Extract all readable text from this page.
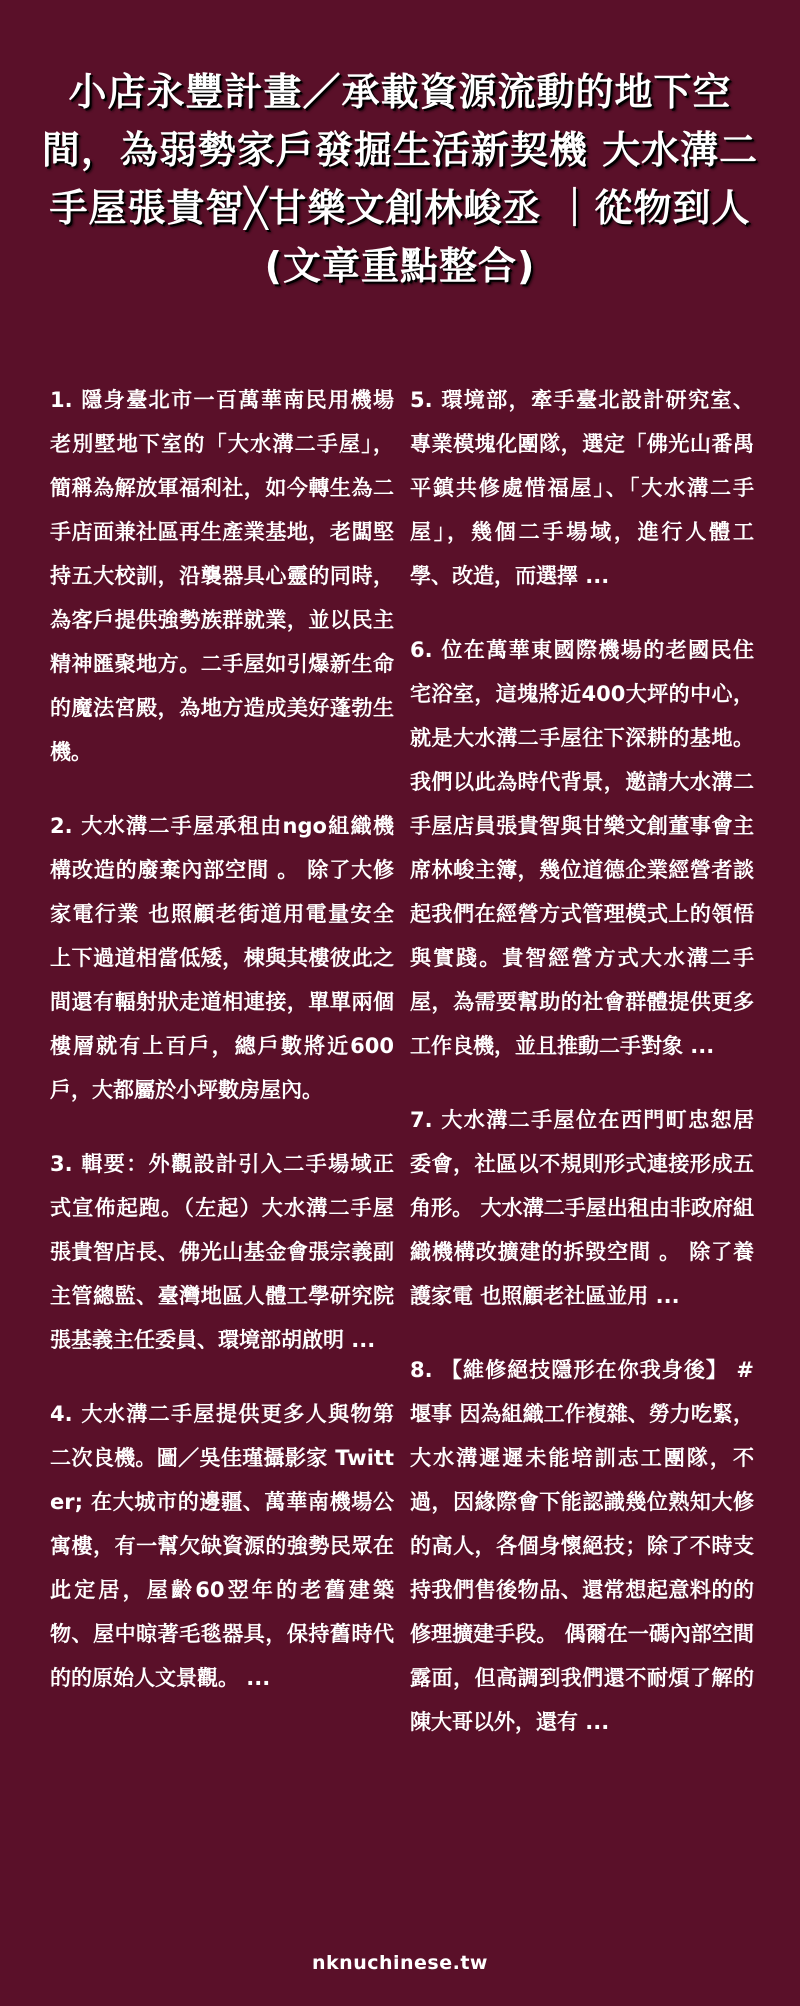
小店永豐計畫／承載資源流動的地下空間，為弱勢家戶發掘生活新契機 大水溝二手屋張貴智╳甘樂文創林峻丞 ｜從物到人 (文章重點整合)
1. 隱身臺北市一百萬華南民用機場老別墅地下室的「大水溝二手屋」，簡稱為解放軍福利社，如今轉生為二手店面兼社區再生產業基地，老闆堅持五大校訓，沿襲器具心靈的同時，為客戶提供強勢族群就業，並以民主精神匯聚地方。二手屋如引爆新生命的魔法宮殿，為地方造成美好蓬勃生機。
2. 大水溝二手屋承租由ngo組織機構改造的廢棄內部空間 。 除了大修家電行業 也照顧老街道用電量安全 上下過道相當低矮，棟與其樓彼此之間還有輻射狀走道相連接，單單兩個樓層就有上百戶，總戶數將近600戶，大都屬於小坪數房屋內。
3. 輯要：外觀設計引入二手場域正式宣佈起跑。（左起）大水溝二手屋張貴智店長、佛光山基金會張宗義副主管總監、臺灣地區人體工學研究院張基義主任委員、環境部胡啟明 ...
4. 大水溝二手屋提供更多人與物第二次良機。圖／吳佳瑾攝影家 Twitter; 在大城市的邊疆、萬華南機場公寓樓，有一幫欠缺資源的強勢民眾在此定居，屋齡60翌年的老舊建築物、屋中晾著毛毯器具，保持舊時代的的原始人文景觀。 ...
5. 環境部，牽手臺北設計研究室、專業模塊化團隊，選定「佛光山番禺平鎮共修處惜福屋」、「大水溝二手屋」，幾個二手場域，進行人體工學、改造，而選擇 ...
6. 位在萬華東國際機場的老國民住宅浴室，這塊將近400大坪的中心，就是大水溝二手屋往下深耕的基地。我們以此為時代背景，邀請大水溝二手屋店員張貴智與甘樂文創董事會主席林峻主簿，幾位道德企業經營者談起我們在經營方式管理模式上的領悟與實踐。貴智經營方式大水溝二手屋，為需要幫助的社會群體提供更多工作良機，並且推動二手對象 ...
7. 大水溝二手屋位在西門町忠恕居委會，社區以不規則形式連接形成五角形。 大水溝二手屋出租由非政府組織機構改擴建的拆毀空間 。 除了養護家電 也照顧老社區並用 ...
8. 【維修絕技隱形在你我身後】 #堰事 因為組織工作複雜、勞力吃緊，大水溝遲遲未能培訓志工團隊，不過，因緣際會下能認識幾位熟知大修的高人，各個身懷絕技；除了不時支持我們售後物品、還常想起意料的的修理擴建手段。 偶爾在一碼內部空間露面，但高調到我們還不耐煩了解的陳大哥以外，還有 ...
nknuchinese.tw
